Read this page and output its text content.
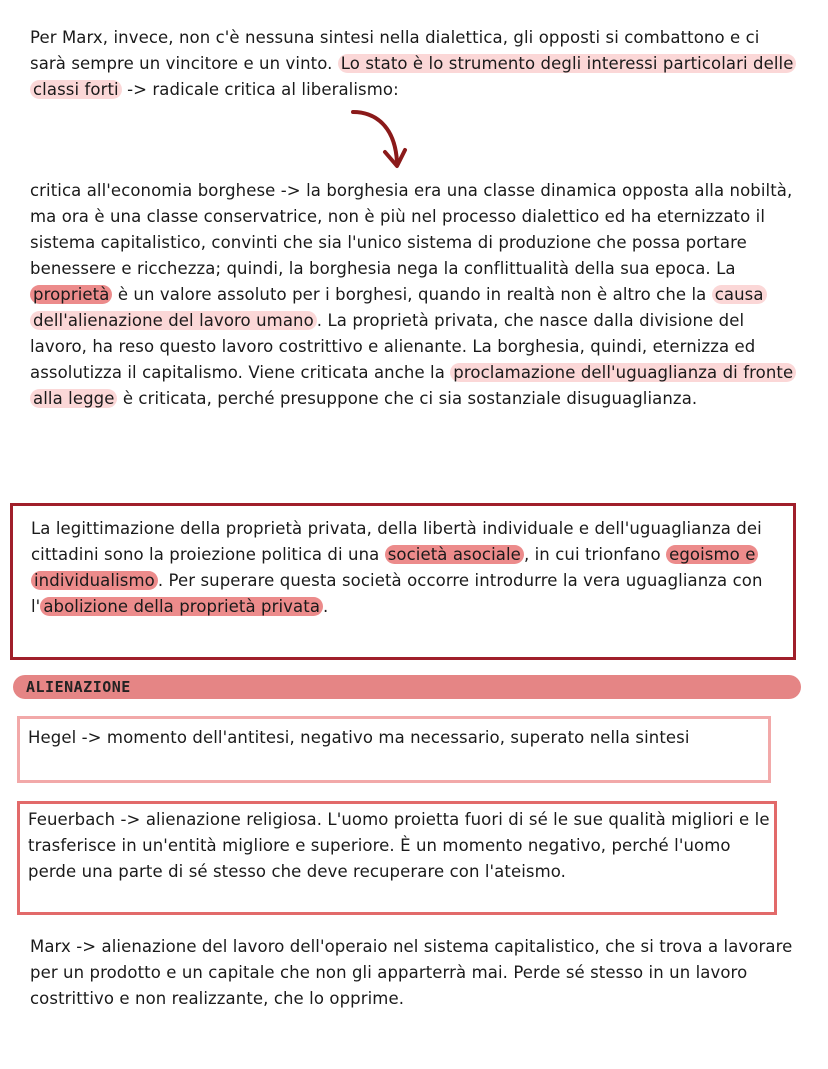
Per Marx, invece, non c'è nessuna sintesi nella dialettica, gli opposti si combattono e ci sarà sempre un vincitore e un vinto. Lo stato è lo strumento degli interessi particolari delle classi forti -> radicale critica al liberalismo:
critica all'economia borghese -> la borghesia era una classe dinamica opposta alla nobiltà, ma ora è una classe conservatrice, non è più nel processo dialettico ed ha eternizzato il sistema capitalistico, convinti che sia l'unico sistema di produzione che possa portare benessere e ricchezza; quindi, la borghesia nega la conflittualità della sua epoca. La proprietà è un valore assoluto per i borghesi, quando in realtà non è altro che la causa dell'alienazione del lavoro umano . La proprietà privata, che nasce dalla divisione del lavoro, ha reso questo lavoro costrittivo e alienante. La borghesia, quindi, eternizza ed assolutizza il capitalismo. Viene criticata anche la proclamazione dell'uguaglianza di fronte alla legge è criticata, perché presuppone che ci sia sostanziale disuguaglianza.
La legittimazione della proprietà privata, della libertà individuale e dell'uguaglianza dei cittadini sono la proiezione politica di una società asociale , in cui trionfano egoismo e individualismo . Per superare questa società occorre introdurre la vera uguaglianza con l' abolizione della proprietà privata .
ALIENAZIONE
Hegel -> momento dell'antitesi, negativo ma necessario, superato nella sintesi
Feuerbach -> alienazione religiosa. L'uomo proietta fuori di sé le sue qualità migliori e le trasferisce in un'entità migliore e superiore. È un momento negativo, perché l'uomo perde una parte di sé stesso che deve recuperare con l'ateismo.
Marx -> alienazione del lavoro dell'operaio nel sistema capitalistico, che si trova a lavorare per un prodotto e un capitale che non gli apparterrà mai. Perde sé stesso in un lavoro costrittivo e non realizzante, che lo opprime.
